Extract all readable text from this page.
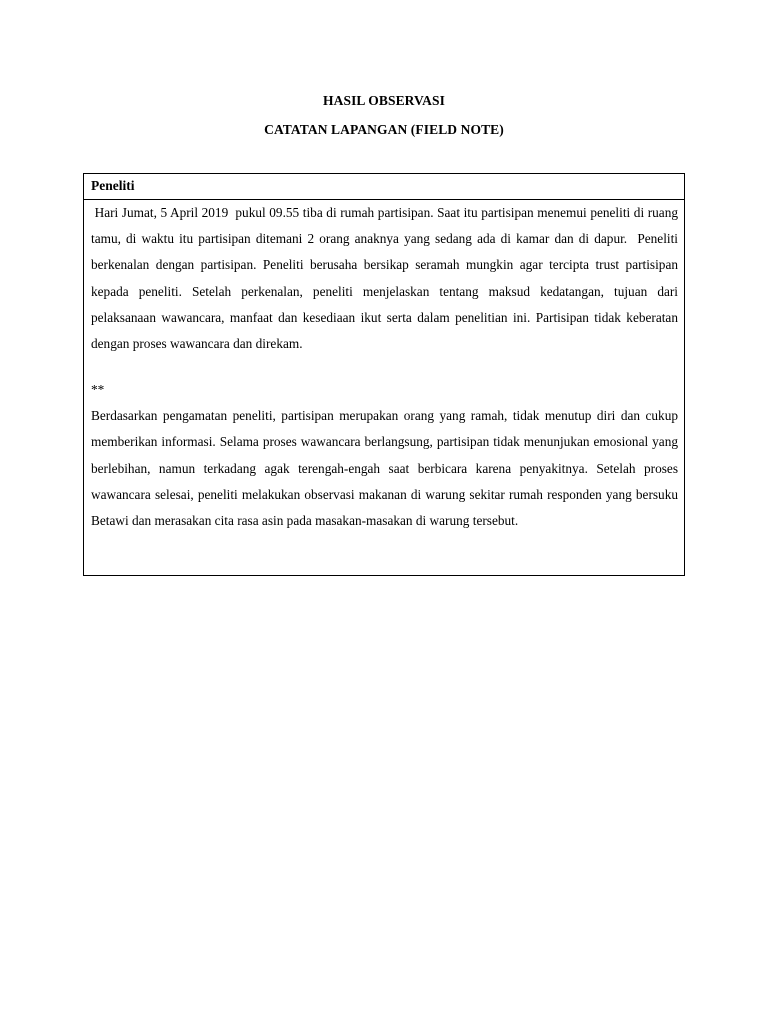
HASIL OBSERVASI
CATATAN LAPANGAN (FIELD NOTE)
Peneliti

Hari Jumat, 5 April 2019  pukul 09.55 tiba di rumah partisipan. Saat itu partisipan menemui peneliti di ruang tamu, di waktu itu partisipan ditemani 2 orang anaknya yang sedang ada di kamar dan di dapur.  Peneliti berkenalan dengan partisipan. Peneliti berusaha bersikap seramah mungkin agar tercipta trust partisipan kepada peneliti. Setelah perkenalan, peneliti menjelaskan tentang maksud kedatangan, tujuan dari pelaksanaan wawancara, manfaat dan kesediaan ikut serta dalam penelitian ini. Partisipan tidak keberatan dengan proses wawancara dan direkam.

**

Berdasarkan pengamatan peneliti, partisipan merupakan orang yang ramah, tidak menutup diri dan cukup memberikan informasi. Selama proses wawancara berlangsung, partisipan tidak menunjukan emosional yang berlebihan, namun terkadang agak terengah-engah saat berbicara karena penyakitnya. Setelah proses wawancara selesai, peneliti melakukan observasi makanan di warung sekitar rumah responden yang bersuku Betawi dan merasakan cita rasa asin pada masakan-masakan di warung tersebut.
